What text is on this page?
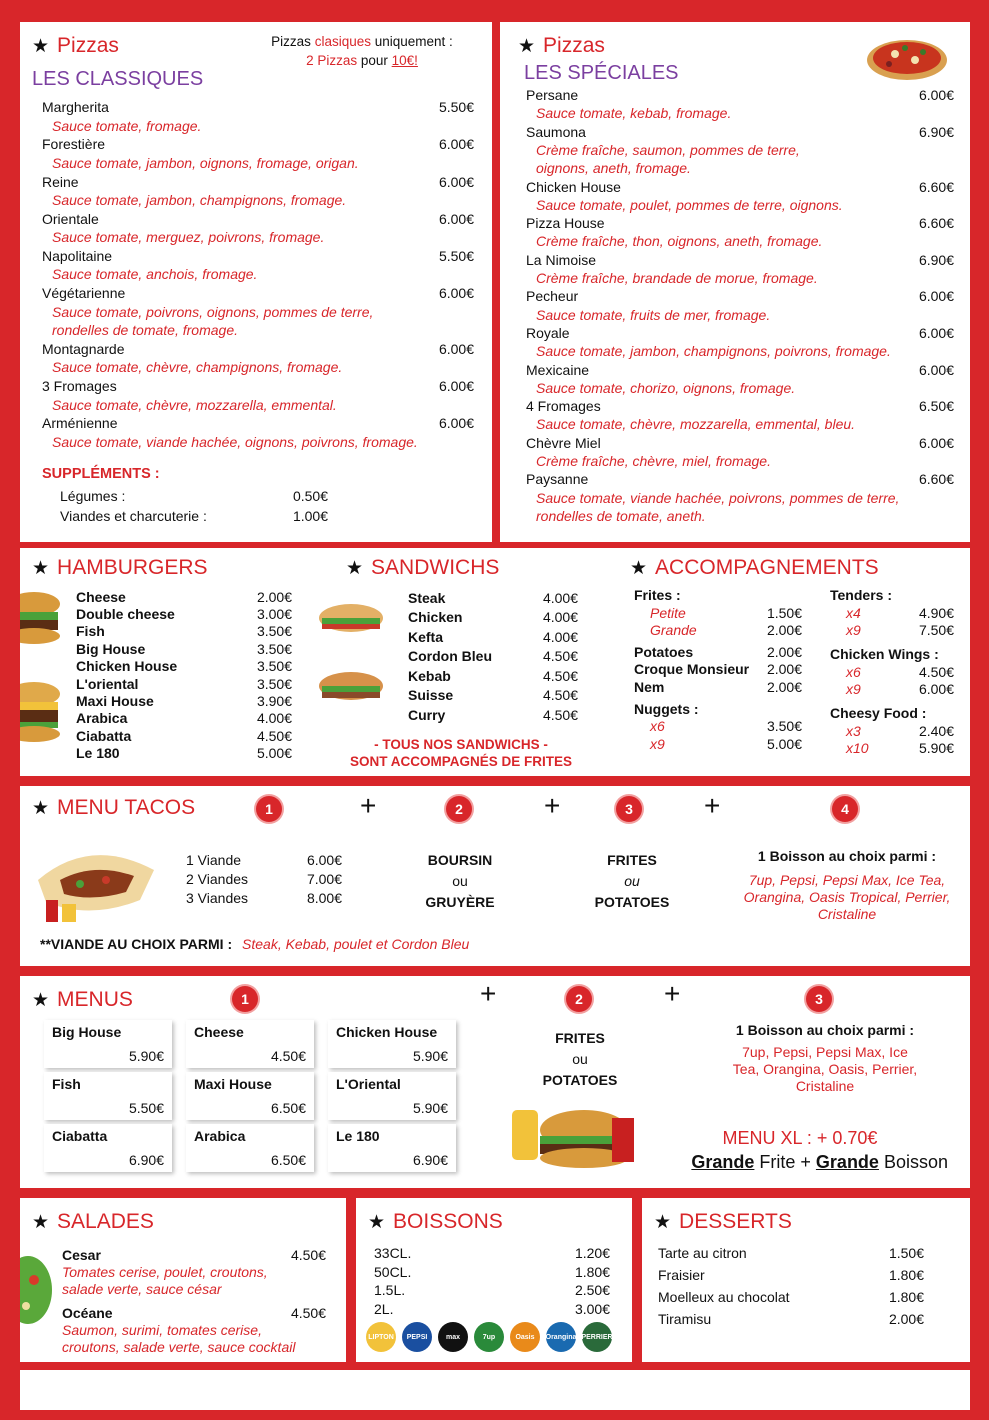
★ Pizzas	Pizzas clasiques uniquement :
2 Pizzas pour 10€!
LES CLASSIQUES
Margherita	5.50€
Sauce tomate, fromage.
Forestière	6.00€
Sauce tomate, jambon, oignons, fromage, origan.
Reine	6.00€
Sauce tomate, jambon, champignons, fromage.
Orientale	6.00€
Sauce tomate, merguez, poivrons, fromage.
Napolitaine	5.50€
Sauce tomate, anchois, fromage.
Végétarienne	6.00€
Sauce tomate, poivrons, oignons, pommes de terre,
rondelles de tomate, fromage.
Montagnarde	6.00€
Sauce tomate, chèvre, champignons, fromage.
3 Fromages	6.00€
Sauce tomate, chèvre, mozzarella, emmental.
Arménienne	6.00€
Sauce tomate, viande hachée, oignons, poivrons, fromage.
SUPPLÉMENTS :
Légumes :	0.50€
Viandes et charcuterie :	1.00€
★ Pizzas
LES SPÉCIALES
Persane	6.00€
Sauce tomate, kebab, fromage.
Saumona	6.90€
Crème fraîche, saumon, pommes de terre,
oignons, aneth, fromage.
Chicken House	6.60€
Sauce tomate, poulet, pommes de terre, oignons.
Pizza House	6.60€
Crème fraîche, thon, oignons, aneth, fromage.
La Nimoise	6.90€
Crème fraîche, brandade de morue, fromage.
Pecheur	6.00€
Sauce tomate, fruits de mer, fromage.
Royale	6.00€
Sauce tomate, jambon, champignons, poivrons, fromage.
Mexicaine	6.00€
Sauce tomate, chorizo, oignons, fromage.
4 Fromages	6.50€
Sauce tomate, chèvre, mozzarella, emmental, bleu.
Chèvre Miel	6.00€
Crème fraîche, chèvre, miel, fromage.
Paysanne	6.60€
Sauce tomate, viande hachée, poivrons, pommes de terre,
rondelles de tomate, aneth.
★ HAMBURGERS
Cheese	2.00€
Double cheese	3.00€
Fish	3.50€
Big House	3.50€
Chicken House	3.50€
L'oriental	3.50€
Maxi House	3.90€
Arabica	4.00€
Ciabatta	4.50€
Le 180	5.00€
★ SANDWICHS
Steak	4.00€
Chicken	4.00€
Kefta	4.00€
Cordon Bleu	4.50€
Kebab	4.50€
Suisse	4.50€
Curry	4.50€
- TOUS NOS SANDWICHS -
SONT ACCOMPAGNÉS DE FRITES
★ ACCOMPAGNEMENTS
Frites :
Petite	1.50€
Grande	2.00€
Potatoes	2.00€
Croque Monsieur 2.00€
Nem	2.00€
Nuggets :
x6	3.50€
x9	5.00€
Tenders :
x4	4.90€
x9	7.50€
Chicken Wings :
x6	4.50€
x9	6.00€
Cheesy Food :
x3	2.40€
x10	5.90€
★ MENU TACOS	1	+	2	+	3	+	4
1 Viande	6.00€
2 Viandes	7.00€
3 Viandes	8.00€
BOURSIN
ou
GRUYÈRE
FRITES
ou
POTATOES
1 Boisson au choix parmi :
7up, Pepsi, Pepsi Max, Ice Tea,
Orangina, Oasis Tropical, Perrier,
Cristaline
**VIANDE AU CHOIX PARMI : Steak, Kebab, poulet et Cordon Bleu
★ MENUS	1	+	2	+	3
Big House
5.90€
Cheese
4.50€
Chicken House
5.90€
Fish
5.50€
Maxi House
6.50€
L'Oriental
5.90€
Ciabatta
6.90€
Arabica
6.50€
Le 180
6.90€
FRITES
ou
POTATOES
1 Boisson au choix parmi :
7up, Pepsi, Pepsi Max, Ice
Tea, Orangina, Oasis, Perrier,
Cristaline
MENU XL : + 0.70€
Grande Frite + Grande Boisson
★ SALADES
Cesar	4.50€
Tomates cerise, poulet, croutons,
salade verte, sauce césar
Océane	4.50€
Saumon, surimi, tomates cerise,
croutons, salade verte, sauce cocktail
★ BOISSONS
33CL.	1.20€
50CL.	1.80€
1.5L.	2.50€
2L.	3.00€
LIPTON	PEPSI	max	7up	Oasis	Orangina PERRIER
★ DESSERTS
Tarte au citron	1.50€
Fraisier	1.80€
Moelleux au chocolat	1.80€
Tiramisu	2.00€
